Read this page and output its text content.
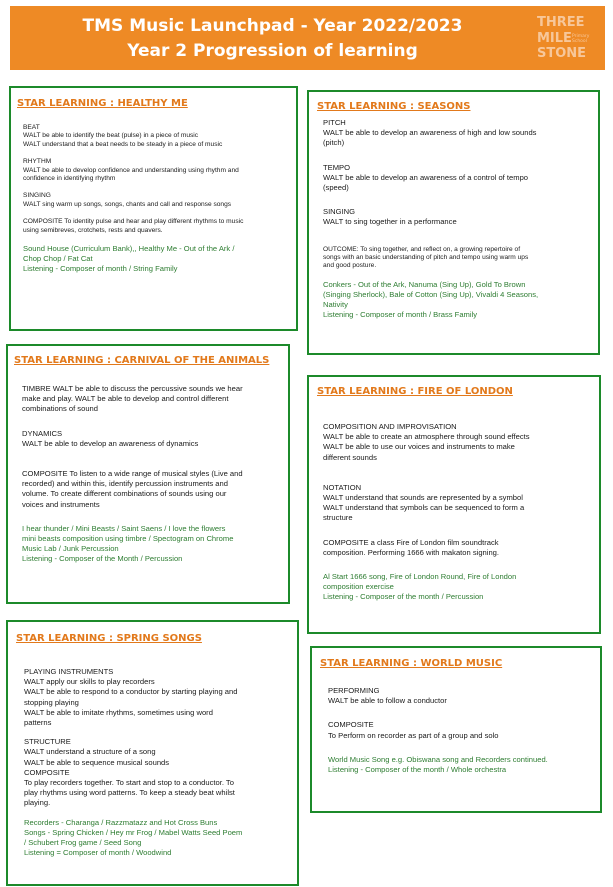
TMS Music Launchpad - Year 2022/2023
Year 2 Progression of learning
THREE
MILE
STONE
Primary
School
STAR LEARNING : HEALTHY ME

BEAT

WALT be able to identify the beat (pulse) in a piece of music

WALT understand that a beat needs to be steady in a piece of music

RHYTHM

WALT be able to develop confidence and understanding using rhythm and

confidence in identifying rhythm

SINGING

WALT sing warm up songs, songs, chants and call and response songs

COMPOSITE To identity pulse and hear and play different rhythms to music

using semibreves, crotchets, rests and quavers.

Sound House (Curriculum Bank),, Healthy Me - Out of the Ark /

Chop Chop / Fat Cat

Listening - Composer of month / String Family

STAR LEARNING : SEASONS

PITCH

WALT be able to develop an awareness of high and low sounds

(pitch)

TEMPO

WALT be able to develop an awareness of a control of tempo

(speed)

SINGING

WALT to sing together in a performance

OUTCOME: To sing together, and reflect on, a growing repertoire of

songs with an basic understanding of pitch and tempo using warm ups

and good posture.

Conkers - Out of the Ark, Nanuma (Sing Up), Gold To Brown

(Singing Sherlock), Bale of Cotton (Sing Up), Vivaldi 4 Seasons,

Nativity

Listening - Composer of month / Brass Family

STAR LEARNING : CARNIVAL OF THE ANIMALS

TIMBRE WALT be able to discuss the percussive sounds we hear

make and play. WALT be able to develop and control different

combinations of sound

DYNAMICS

WALT be able to develop an awareness of dynamics

COMPOSITE To listen to a wide range of musical styles (Live and

recorded) and within this, identify percussion instruments and

volume. To create different combinations of sounds using our

voices and instruments

I hear thunder / Mini Beasts / Saint Saens / I love the flowers

mini beasts composition using timbre / Spectogram on Chrome

Music Lab / Junk Percussion

Listening - Composer of the Month / Percussion

STAR LEARNING : FIRE OF LONDON

COMPOSITION AND IMPROVISATION

WALT be able to create an atmosphere through sound effects

WALT be able to use our voices and instruments to make

different sounds

NOTATION

WALT understand that sounds are represented by a symbol

WALT understand that symbols can be sequenced to form a

structure

COMPOSITE a class Fire of London film soundtrack

composition. Performing 1666 with makaton signing.

Al Start 1666 song, Fire of London Round, Fire of London

composition exercise

Listening - Composer of the month / Percussion

STAR LEARNING : SPRING SONGS

PLAYING INSTRUMENTS

WALT apply our skills to play recorders

WALT be able to respond to a conductor by starting playing and

stopping playing

WALT be able to imitate rhythms, sometimes using word

patterns

STRUCTURE

WALT understand a structure of a song

WALT be able to sequence musical sounds

COMPOSITE

To play recorders together. To start and stop to a conductor. To

play rhythms using word patterns. To keep a steady beat whilst

playing.

Recorders - Charanga / Razzmatazz and Hot Cross Buns

Songs - Spring Chicken / Hey mr Frog / Mabel Watts Seed Poem

/ Schubert Frog game / Seed Song

Listening = Composer of month / Woodwind

STAR LEARNING : WORLD MUSIC

PERFORMING

WALT be able to follow a conductor

COMPOSITE

To Perform on recorder as part of a group and solo

World Music Song e.g. Obiswana song and Recorders continued.

Listening - Composer of the month / Whole orchestra
